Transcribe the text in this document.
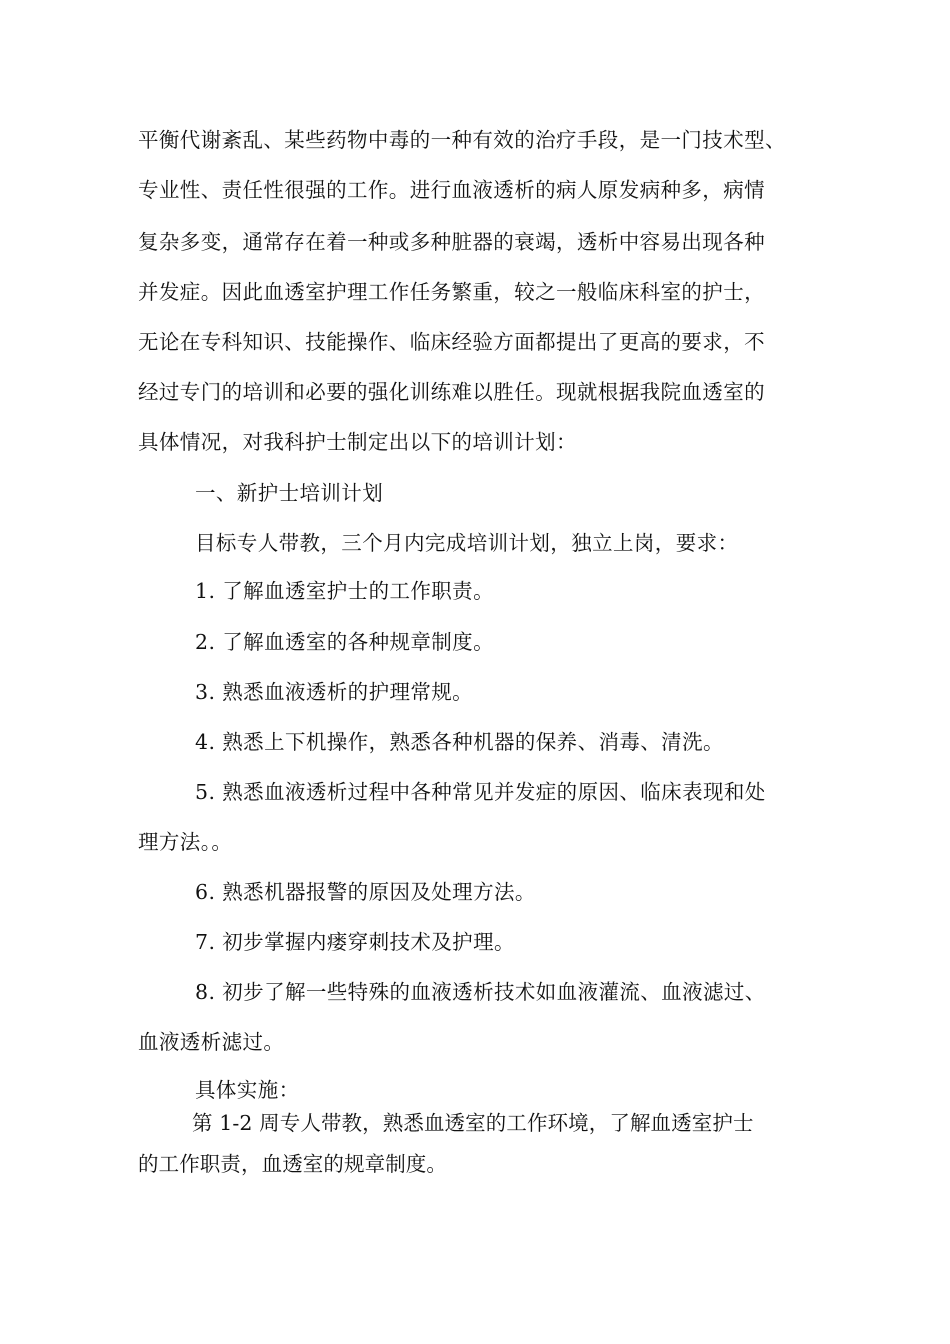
平衡代谢紊乱、某些药物中毒的一种有效的治疗手段，是一门技术型、

专业性、责任性很强的工作。进行血液透析的病人原发病种多，病情

复杂多变，通常存在着一种或多种脏器的衰竭，透析中容易出现各种

并发症。因此血透室护理工作任务繁重，较之一般临床科室的护士，

无论在专科知识、技能操作、临床经验方面都提出了更高的要求，不

经过专门的培训和必要的强化训练难以胜任。现就根据我院血透室的

具体情况，对我科护士制定出以下的培训计划：

一、新护士培训计划

目标专人带教，三个月内完成培训计划，独立上岗，要求：

1. 了解血透室护士的工作职责。

2. 了解血透室的各种规章制度。

3. 熟悉血液透析的护理常规。

4. 熟悉上下机操作，熟悉各种机器的保养、消毒、清洗。

5. 熟悉血液透析过程中各种常见并发症的原因、临床表现和处

理方法。。

6. 熟悉机器报警的原因及处理方法。

7. 初步掌握内瘘穿刺技术及护理。

8. 初步了解一些特殊的血液透析技术如血液灌流、血液滤过、

血液透析滤过。

具体实施：

第 1-2 周专人带教，熟悉血透室的工作环境，了解血透室护士

的工作职责，血透室的规章制度。
